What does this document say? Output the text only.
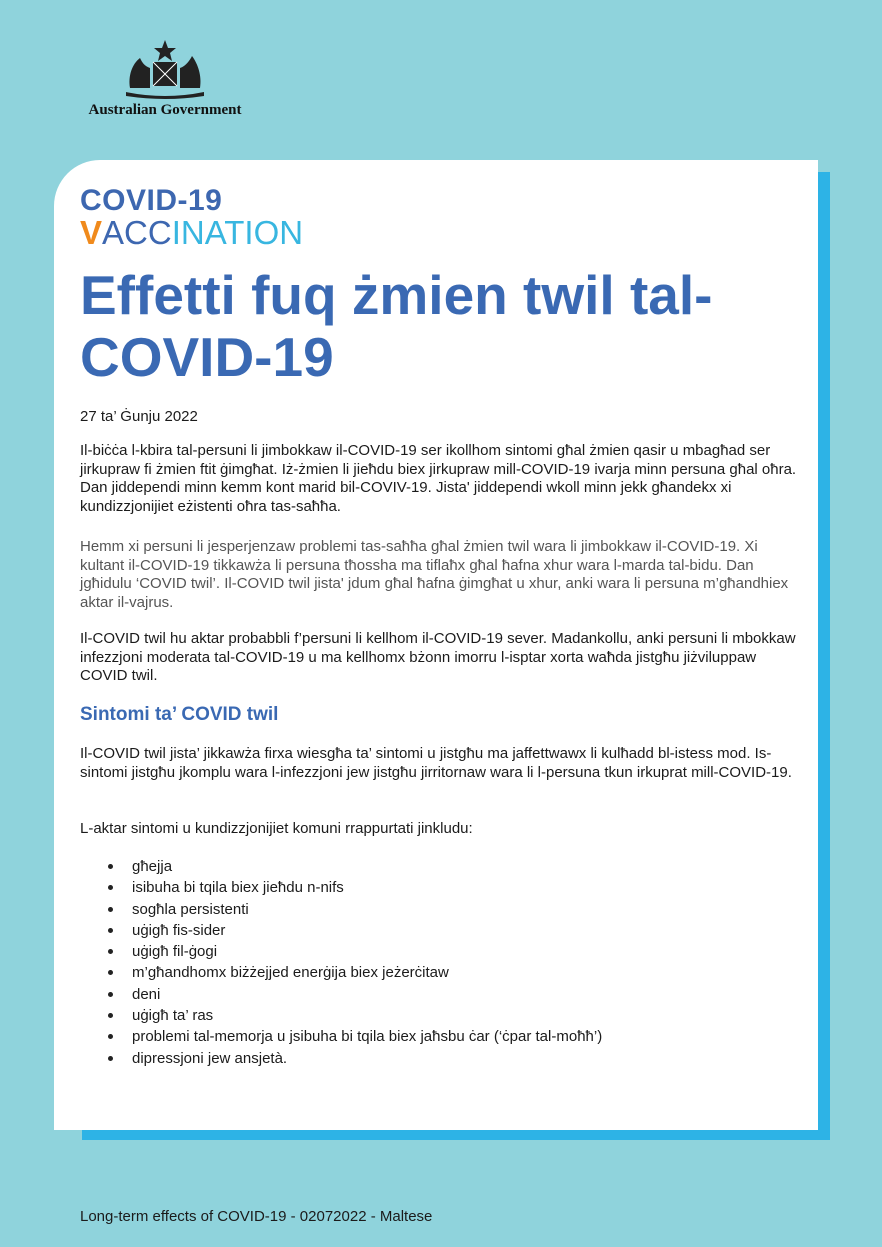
Australian Government
COVID-19
VACCINATION
Effetti fuq żmien twil tal-
COVID-19
27 ta’ Ġunju 2022

Il-biċċa l-kbira tal-persuni li jimbokkaw il-COVID-19 ser ikollhom sintomi għal żmien qasir u mbagħad ser jirkupraw fi żmien ftit ġimgħat. Iż-żmien li jieħdu biex jirkupraw mill-COVID-19 ivarja minn persuna għal oħra. Dan jiddependi minn kemm kont marid bil-COVIV-19. Jista' jiddependi wkoll minn jekk għandekx xi kundizzjonijiet eżistenti oħra tas-saħħa.

Hemm xi persuni li jesperjenzaw problemi tas-saħħa għal żmien twil wara li jimbokkaw il-COVID-19. Xi kultant il-COVID-19 tikkawża li persuna tħossha ma tiflaħx għal ħafna xhur wara l-marda tal-bidu. Dan jgħidulu ‘COVID twil’. Il-COVID twil jista' jdum għal ħafna ġimgħat u xhur, anki wara li persuna m’għandhiex aktar il-vajrus.

Il-COVID twil hu aktar probabbli f’persuni li kellhom il-COVID-19 sever. Madankollu, anki persuni li mbokkaw infezzjoni moderata tal-COVID-19 u ma kellhomx bżonn imorru l-isptar xorta waħda jistgħu jiżviluppaw COVID twil.

Sintomi ta’ COVID twil

Il-COVID twil jista’ jikkawża firxa wiesgħa ta’ sintomi u jistgħu ma jaffettwawx li kulħadd bl-istess mod. Is-sintomi jistgħu jkomplu wara l-infezzjoni jew jistgħu jirritornaw wara li l-persuna tkun irkuprat mill-COVID-19.

L-aktar sintomi u kundizzjonijiet komuni rrappurtati jinkludu:

għejja
isibuha bi tqila biex jieħdu n-nifs
sogħla persistenti
uġigħ fis-sider
uġigħ fil-ġogi
m’għandhomx biżżejjed enerġija biex jeżerċitaw
deni
uġigħ ta’ ras
problemi tal-memorja u jsibuha bi tqila biex jaħsbu ċar (‘ċpar tal-moħħ’)
dipressjoni jew ansjetà.
Long-term effects of COVID-19 - 02072022 - Maltese
